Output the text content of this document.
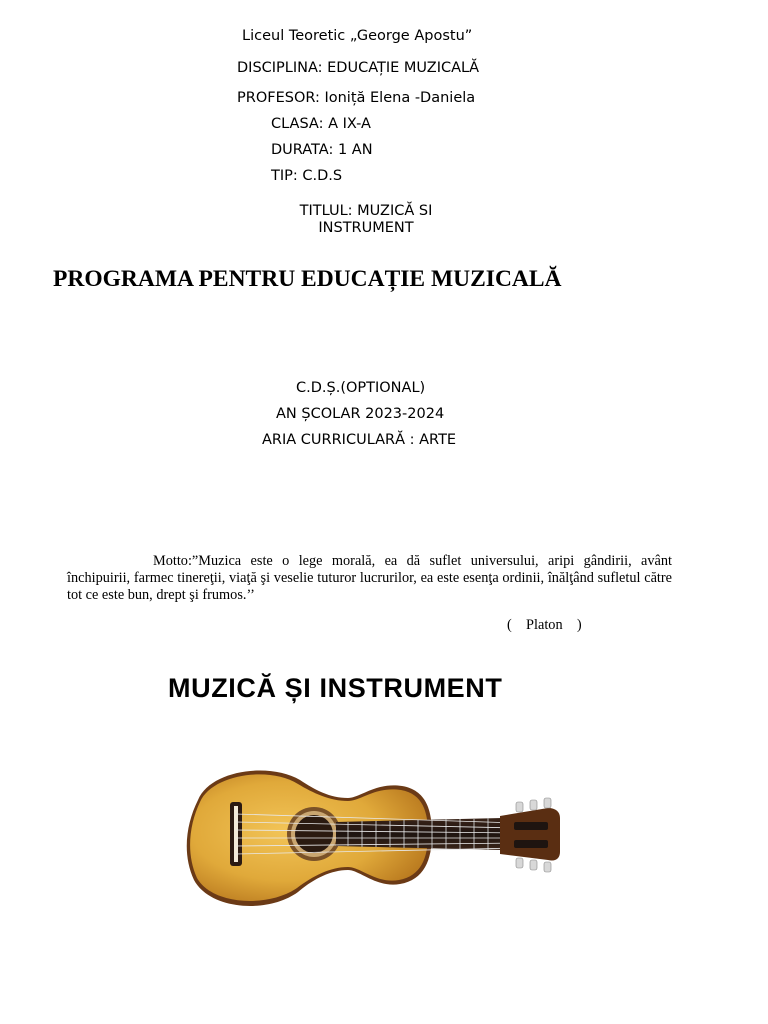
Liceul Teoretic „George Apostu”
DISCIPLINA: EDUCAȚIE MUZICALĂ
PROFESOR: Ioniță Elena -Daniela
CLASA: A IX-A
DURATA: 1 AN
TIP: C.D.S
TITLUL: MUZICĂ SI INSTRUMENT
PROGRAMA PENTRU EDUCAȚIE MUZICALĂ
C.D.Ș.(OPTIONAL)
AN ȘCOLAR 2023-2024
ARIA CURRICULARĂ : ARTE
Motto:”Muzica este o lege morală, ea dă suflet universului, aripi gândirii, avânt închipuirii, farmec tinereţii, viaţă şi veselie tuturor lucrurilor, ea este esenţa ordinii, înălţând sufletul către tot ce este bun, drept şi frumos.’’
(    Platon    )
MUZICĂ ȘI INSTRUMENT
